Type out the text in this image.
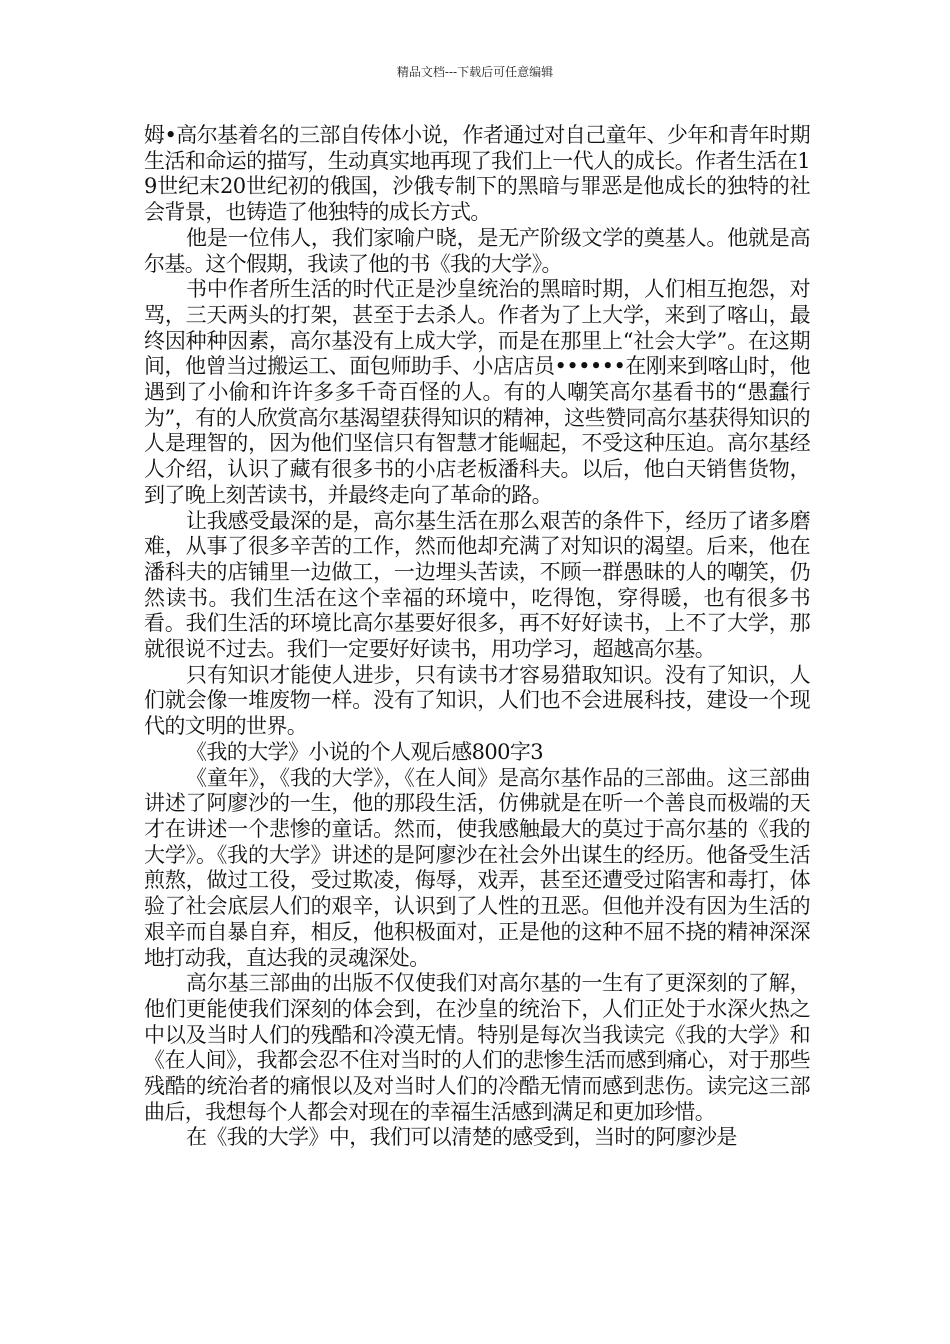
精品文档---下载后可任意编辑

姆•高尔基着名的三部自传体小说，作者通过对自己童年、少年和青年时期生活和命运的描写，生动真实地再现了我们上一代人的成长。作者生活在19世纪末20世纪初的俄国，沙俄专制下的黑暗与罪恶是他成长的独特的社会背景，也铸造了他独特的成长方式。

他是一位伟人，我们家喻户晓，是无产阶级文学的奠基人。他就是高尔基。这个假期，我读了他的书《我的大学》。

书中作者所生活的时代正是沙皇统治的黑暗时期，人们相互抱怨，对骂，三天两头的打架，甚至于去杀人。作者为了上大学，来到了喀山，最终因种种因素，高尔基没有上成大学，而是在那里上“社会大学”。在这期间，他曾当过搬运工、面包师助手、小店店员••••••在刚来到喀山时，他遇到了小偷和许许多多千奇百怪的人。有的人嘲笑高尔基看书的“愚蠢行为”，有的人欣赏高尔基渴望获得知识的精神，这些赞同高尔基获得知识的人是理智的，因为他们坚信只有智慧才能崛起，不受这种压迫。高尔基经人介绍，认识了藏有很多书的小店老板潘科夫。以后，他白天销售货物，到了晚上刻苦读书，并最终走向了革命的路。

让我感受最深的是，高尔基生活在那么艰苦的条件下，经历了诸多磨难，从事了很多辛苦的工作，然而他却充满了对知识的渴望。后来，他在潘科夫的店铺里一边做工，一边埋头苦读，不顾一群愚昧的人的嘲笑，仍然读书。我们生活在这个幸福的环境中，吃得饱，穿得暖，也有很多书看。我们生活的环境比高尔基要好很多，再不好好读书，上不了大学，那就很说不过去。我们一定要好好读书，用功学习，超越高尔基。

只有知识才能使人进步，只有读书才容易猎取知识。没有了知识，人们就会像一堆废物一样。没有了知识，人们也不会进展科技，建设一个现代的文明的世界。

《我的大学》小说的个人观后感800字3

《童年》，《我的大学》，《在人间》是高尔基作品的三部曲。这三部曲讲述了阿廖沙的一生，他的那段生活，仿佛就是在听一个善良而极端的天才在讲述一个悲惨的童话。然而，使我感触最大的莫过于高尔基的《我的大学》。《我的大学》讲述的是阿廖沙在社会外出谋生的经历。他备受生活煎熬，做过工役，受过欺凌，侮辱，戏弄，甚至还遭受过陷害和毒打，体验了社会底层人们的艰辛，认识到了人性的丑恶。但他并没有因为生活的艰辛而自暴自弃，相反，他积极面对，正是他的这种不屈不挠的精神深深地打动我，直达我的灵魂深处。

高尔基三部曲的出版不仅使我们对高尔基的一生有了更深刻的了解，他们更能使我们深刻的体会到，在沙皇的统治下，人们正处于水深火热之中以及当时人们的残酷和冷漠无情。特别是每次当我读完《我的大学》和《在人间》，我都会忍不住对当时的人们的悲惨生活而感到痛心，对于那些残酷的统治者的痛恨以及对当时人们的冷酷无情而感到悲伤。读完这三部曲后，我想每个人都会对现在的幸福生活感到满足和更加珍惜。

在《我的大学》中，我们可以清楚的感受到，当时的阿廖沙是
